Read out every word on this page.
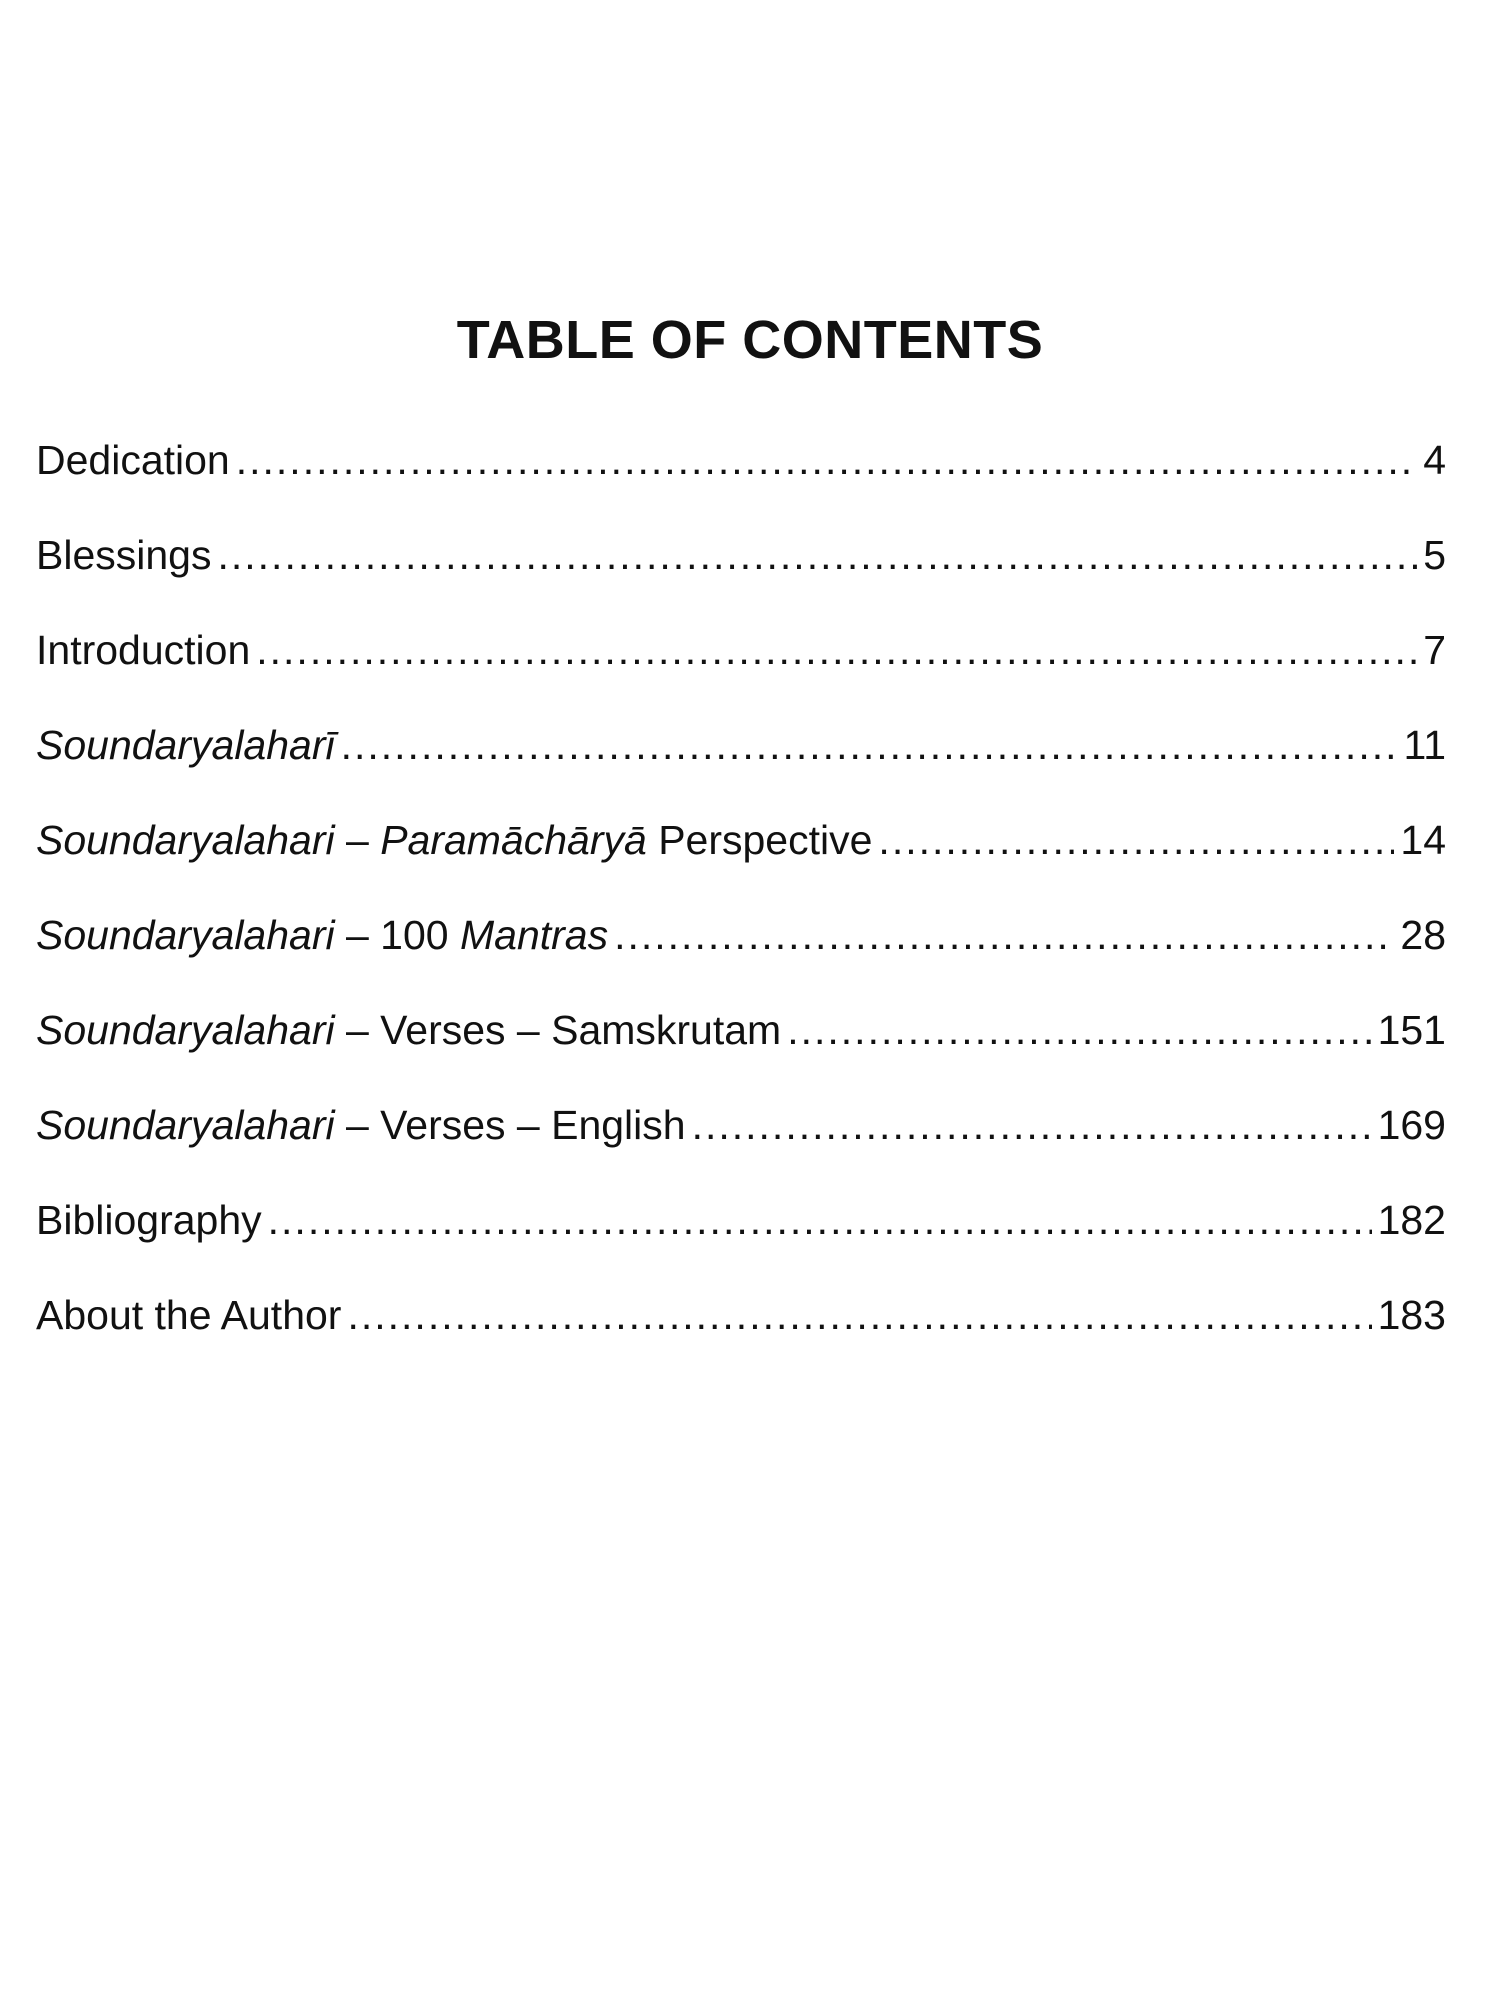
TABLE OF CONTENTS
Dedication .....	4
Blessings .....	5
Introduction .....	7
Soundaryalaharī .....	11
Soundaryalahari – Paramāchāryā Perspective .....	14
Soundaryalahari – 100 Mantras .....	28
Soundaryalahari – Verses – Samskrutam .....	151
Soundaryalahari – Verses – English .....	169
Bibliography .....	182
About the Author .....	183
